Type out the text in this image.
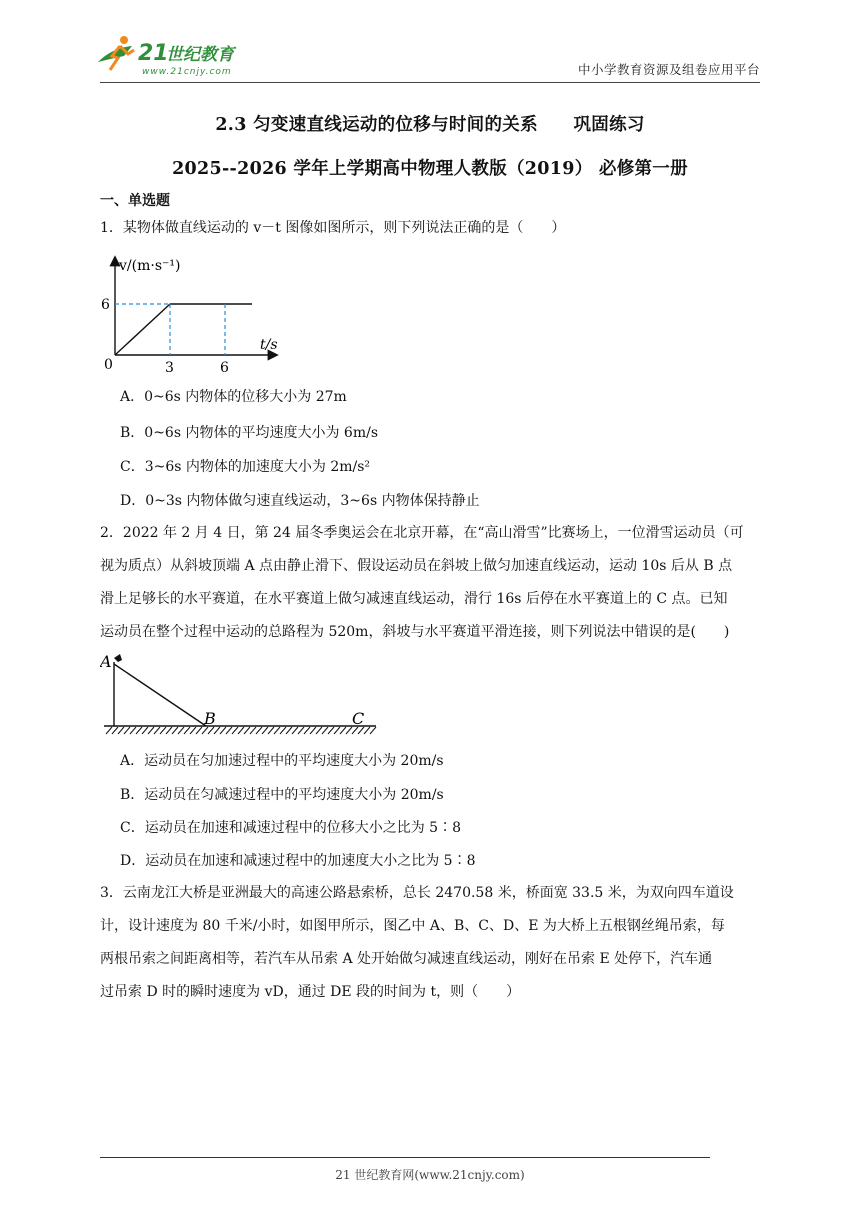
21
世纪教育
www.21cnjy.com	中小学教育资源及组卷应用平台
2.3 匀变速直线运动的位移与时间的关系　　巩固练习
2025--2026 学年上学期高中物理人教版（2019） 必修第一册
一、单选题
1．某物体做直线运动的 v－t 图像如图所示，则下列说法正确的是（　　）
v/(m·s⁻¹)
t/s
6
0	3	6
A．0~6s 内物体的位移大小为 27m
B．0~6s 内物体的平均速度大小为 6m/s
C．3~6s 内物体的加速度大小为 2m/s²
D．0~3s 内物体做匀速直线运动，3~6s 内物体保持静止
2．2022 年 2 月 4 日，第 24 届冬季奥运会在北京开幕，在“高山滑雪”比赛场上，一位滑雪运动员（可
视为质点）从斜坡顶端 A 点由静止滑下、假设运动员在斜坡上做匀加速直线运动，运动 10s 后从 B 点
滑上足够长的水平赛道，在水平赛道上做匀减速直线运动，滑行 16s 后停在水平赛道上的 C 点。已知
运动员在整个过程中运动的总路程为 520m，斜坡与水平赛道平滑连接，则下列说法中错误的是(　　)
A
B	C
A．运动员在匀加速过程中的平均速度大小为 20m/s
B．运动员在匀减速过程中的平均速度大小为 20m/s
C．运动员在加速和减速过程中的位移大小之比为 5∶8
D．运动员在加速和减速过程中的加速度大小之比为 5∶8
3．云南龙江大桥是亚洲最大的高速公路悬索桥，总长 2470.58 米，桥面宽 33.5 米，为双向四车道设
计，设计速度为 80 千米/小时，如图甲所示，图乙中 A、B、C、D、E 为大桥上五根钢丝绳吊索，每
两根吊索之间距离相等，若汽车从吊索 A 处开始做匀减速直线运动，刚好在吊索 E 处停下，汽车通
过吊索 D 时的瞬时速度为 vD，通过 DE 段的时间为 t，则（　　）
21 世纪教育网(www.21cnjy.com)
